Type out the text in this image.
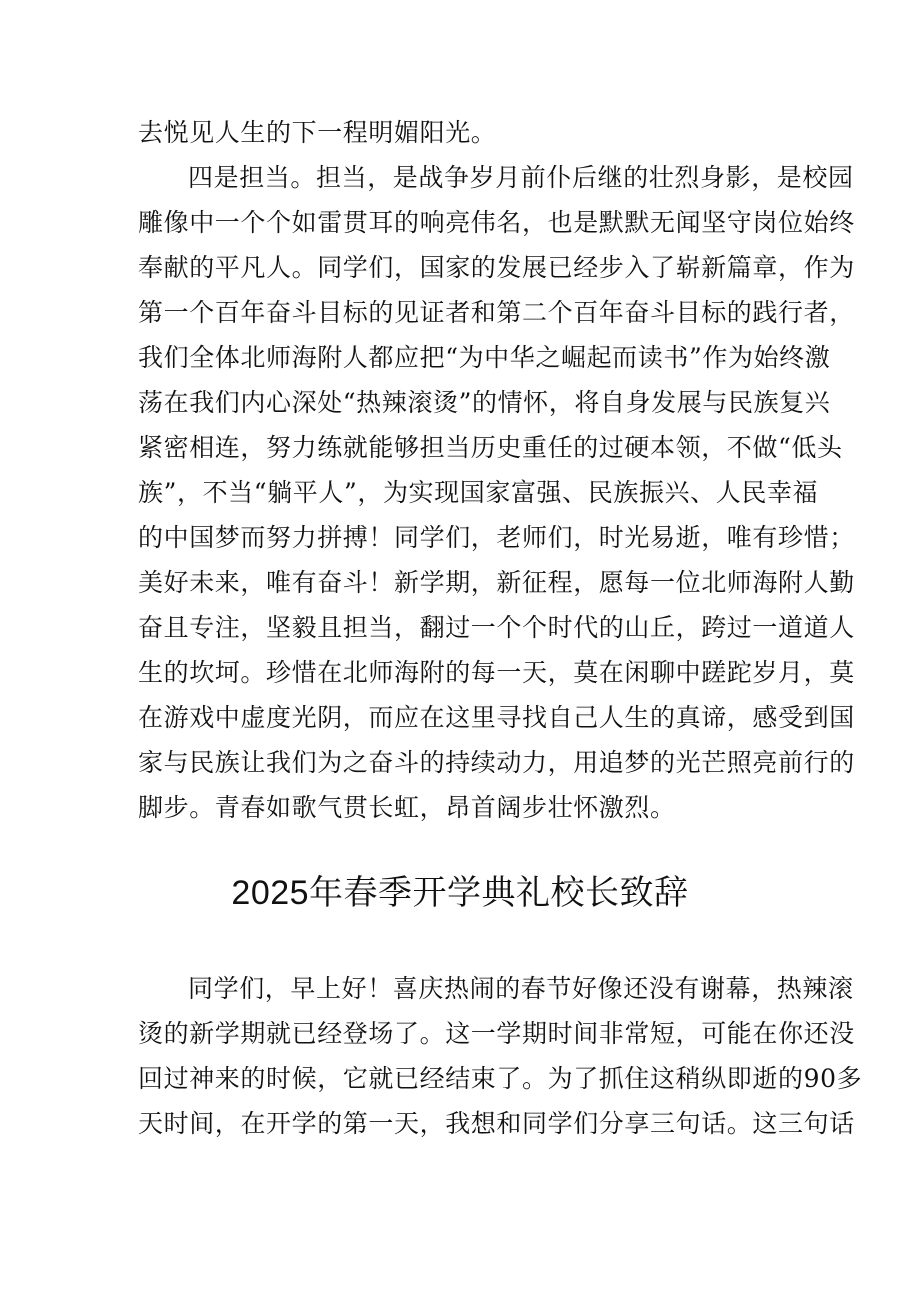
去悦见人生的下一程明媚阳光。
四是担当。担当，是战争岁月前仆后继的壮烈身影，是校园
雕像中一个个如雷贯耳的响亮伟名，也是默默无闻坚守岗位始终
奉献的平凡人。同学们，国家的发展已经步入了崭新篇章，作为
第一个百年奋斗目标的见证者和第二个百年奋斗目标的践行者，
我们全体北师海附人都应把“为中华之崛起而读书”作为始终激
荡在我们内心深处“热辣滚烫”的情怀，将自身发展与民族复兴
紧密相连，努力练就能够担当历史重任的过硬本领，不做“低头
族”，不当“躺平人”，为实现国家富强、民族振兴、人民幸福
的中国梦而努力拼搏！同学们，老师们，时光易逝，唯有珍惜；
美好未来，唯有奋斗！新学期，新征程，愿每一位北师海附人勤
奋且专注，坚毅且担当，翻过一个个时代的山丘，跨过一道道人
生的坎坷。珍惜在北师海附的每一天，莫在闲聊中蹉跎岁月，莫
在游戏中虚度光阴，而应在这里寻找自己人生的真谛，感受到国
家与民族让我们为之奋斗的持续动力，用追梦的光芒照亮前行的
脚步。青春如歌气贯长虹，昂首阔步壮怀激烈。
2025年春季开学典礼校长致辞
同学们，早上好！喜庆热闹的春节好像还没有谢幕，热辣滚
烫的新学期就已经登场了。这一学期时间非常短，可能在你还没
回过神来的时候，它就已经结束了。为了抓住这稍纵即逝的90多
天时间，在开学的第一天，我想和同学们分享三句话。这三句话
